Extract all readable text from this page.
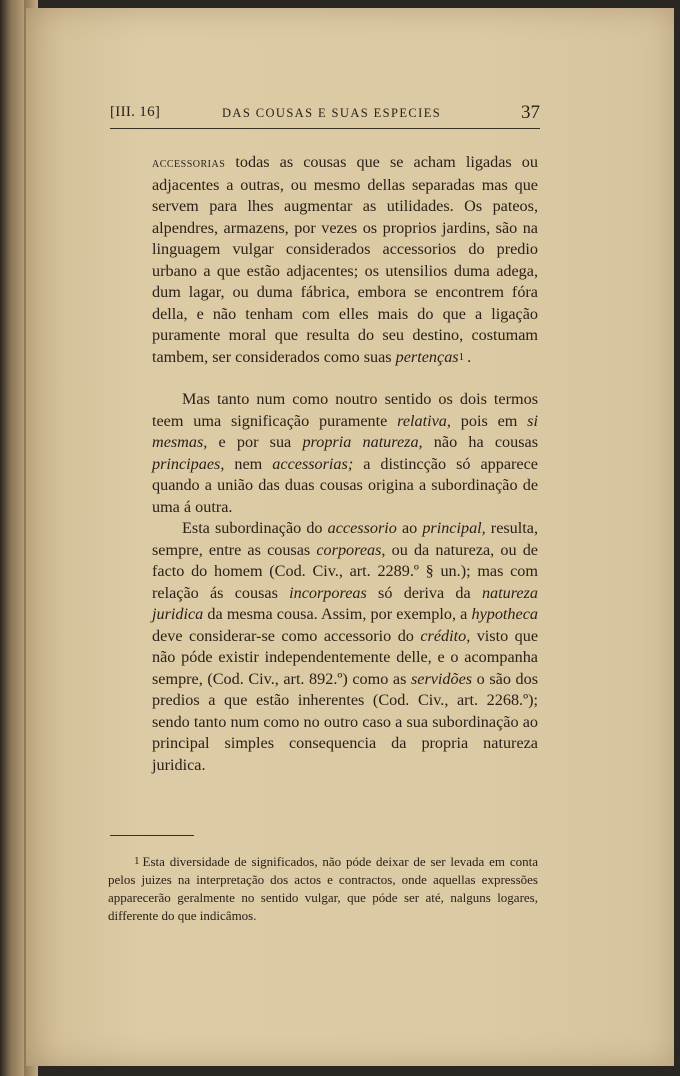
[III. 16]	DAS COUSAS E SUAS ESPECIES	37

accessorias todas as cousas que se acham ligadas ou adjacentes a outras, ou mesmo dellas separadas mas que servem para lhes augmentar as utilidades. Os pateos, alpendres, armazens, por vezes os proprios jardins, são na linguagem vulgar considerados accessorios do predio urbano a que estão adjacentes; os utensilios duma adega, dum lagar, ou duma fábrica, embora se encontrem fóra della, e não tenham com elles mais do que a ligação puramente moral que resulta do seu destino, costumam tambem, ser considerados como suas pertenças$^1$ .

Mas tanto num como noutro sentido os dois termos teem uma significação puramente relativa, pois em si mesmas, e por sua propria natureza, não ha cousas principaes, nem accessorias; a distincção só apparece quando a união das duas cousas origina a subordinação de uma á outra.

Esta subordinação do accessorio ao principal, resulta, sempre, entre as cousas corporeas, ou da natureza, ou de facto do homem (Cod. Civ., art. 2289.º § un.); mas com relação ás cousas incorporeas só deriva da natureza juridica da mesma cousa. Assim, por exemplo, a hypotheca deve considerar-se como accessorio do crédito, visto que não póde existir independentemente delle, e o acompanha sempre, (Cod. Civ., art. 892.º) como as servidões o são dos predios a que estão inherentes (Cod. Civ., art. 2268.º); sendo tanto num como no outro caso a sua subordinação ao principal simples consequencia da propria natureza juridica.

$^1$ Esta diversidade de significados, não póde deixar de ser levada em conta pelos juizes na interpretação dos actos e contractos, onde aquellas expressões apparecerão geralmente no sentido vulgar, que póde ser até, nalguns logares, differente do que indicâmos.
